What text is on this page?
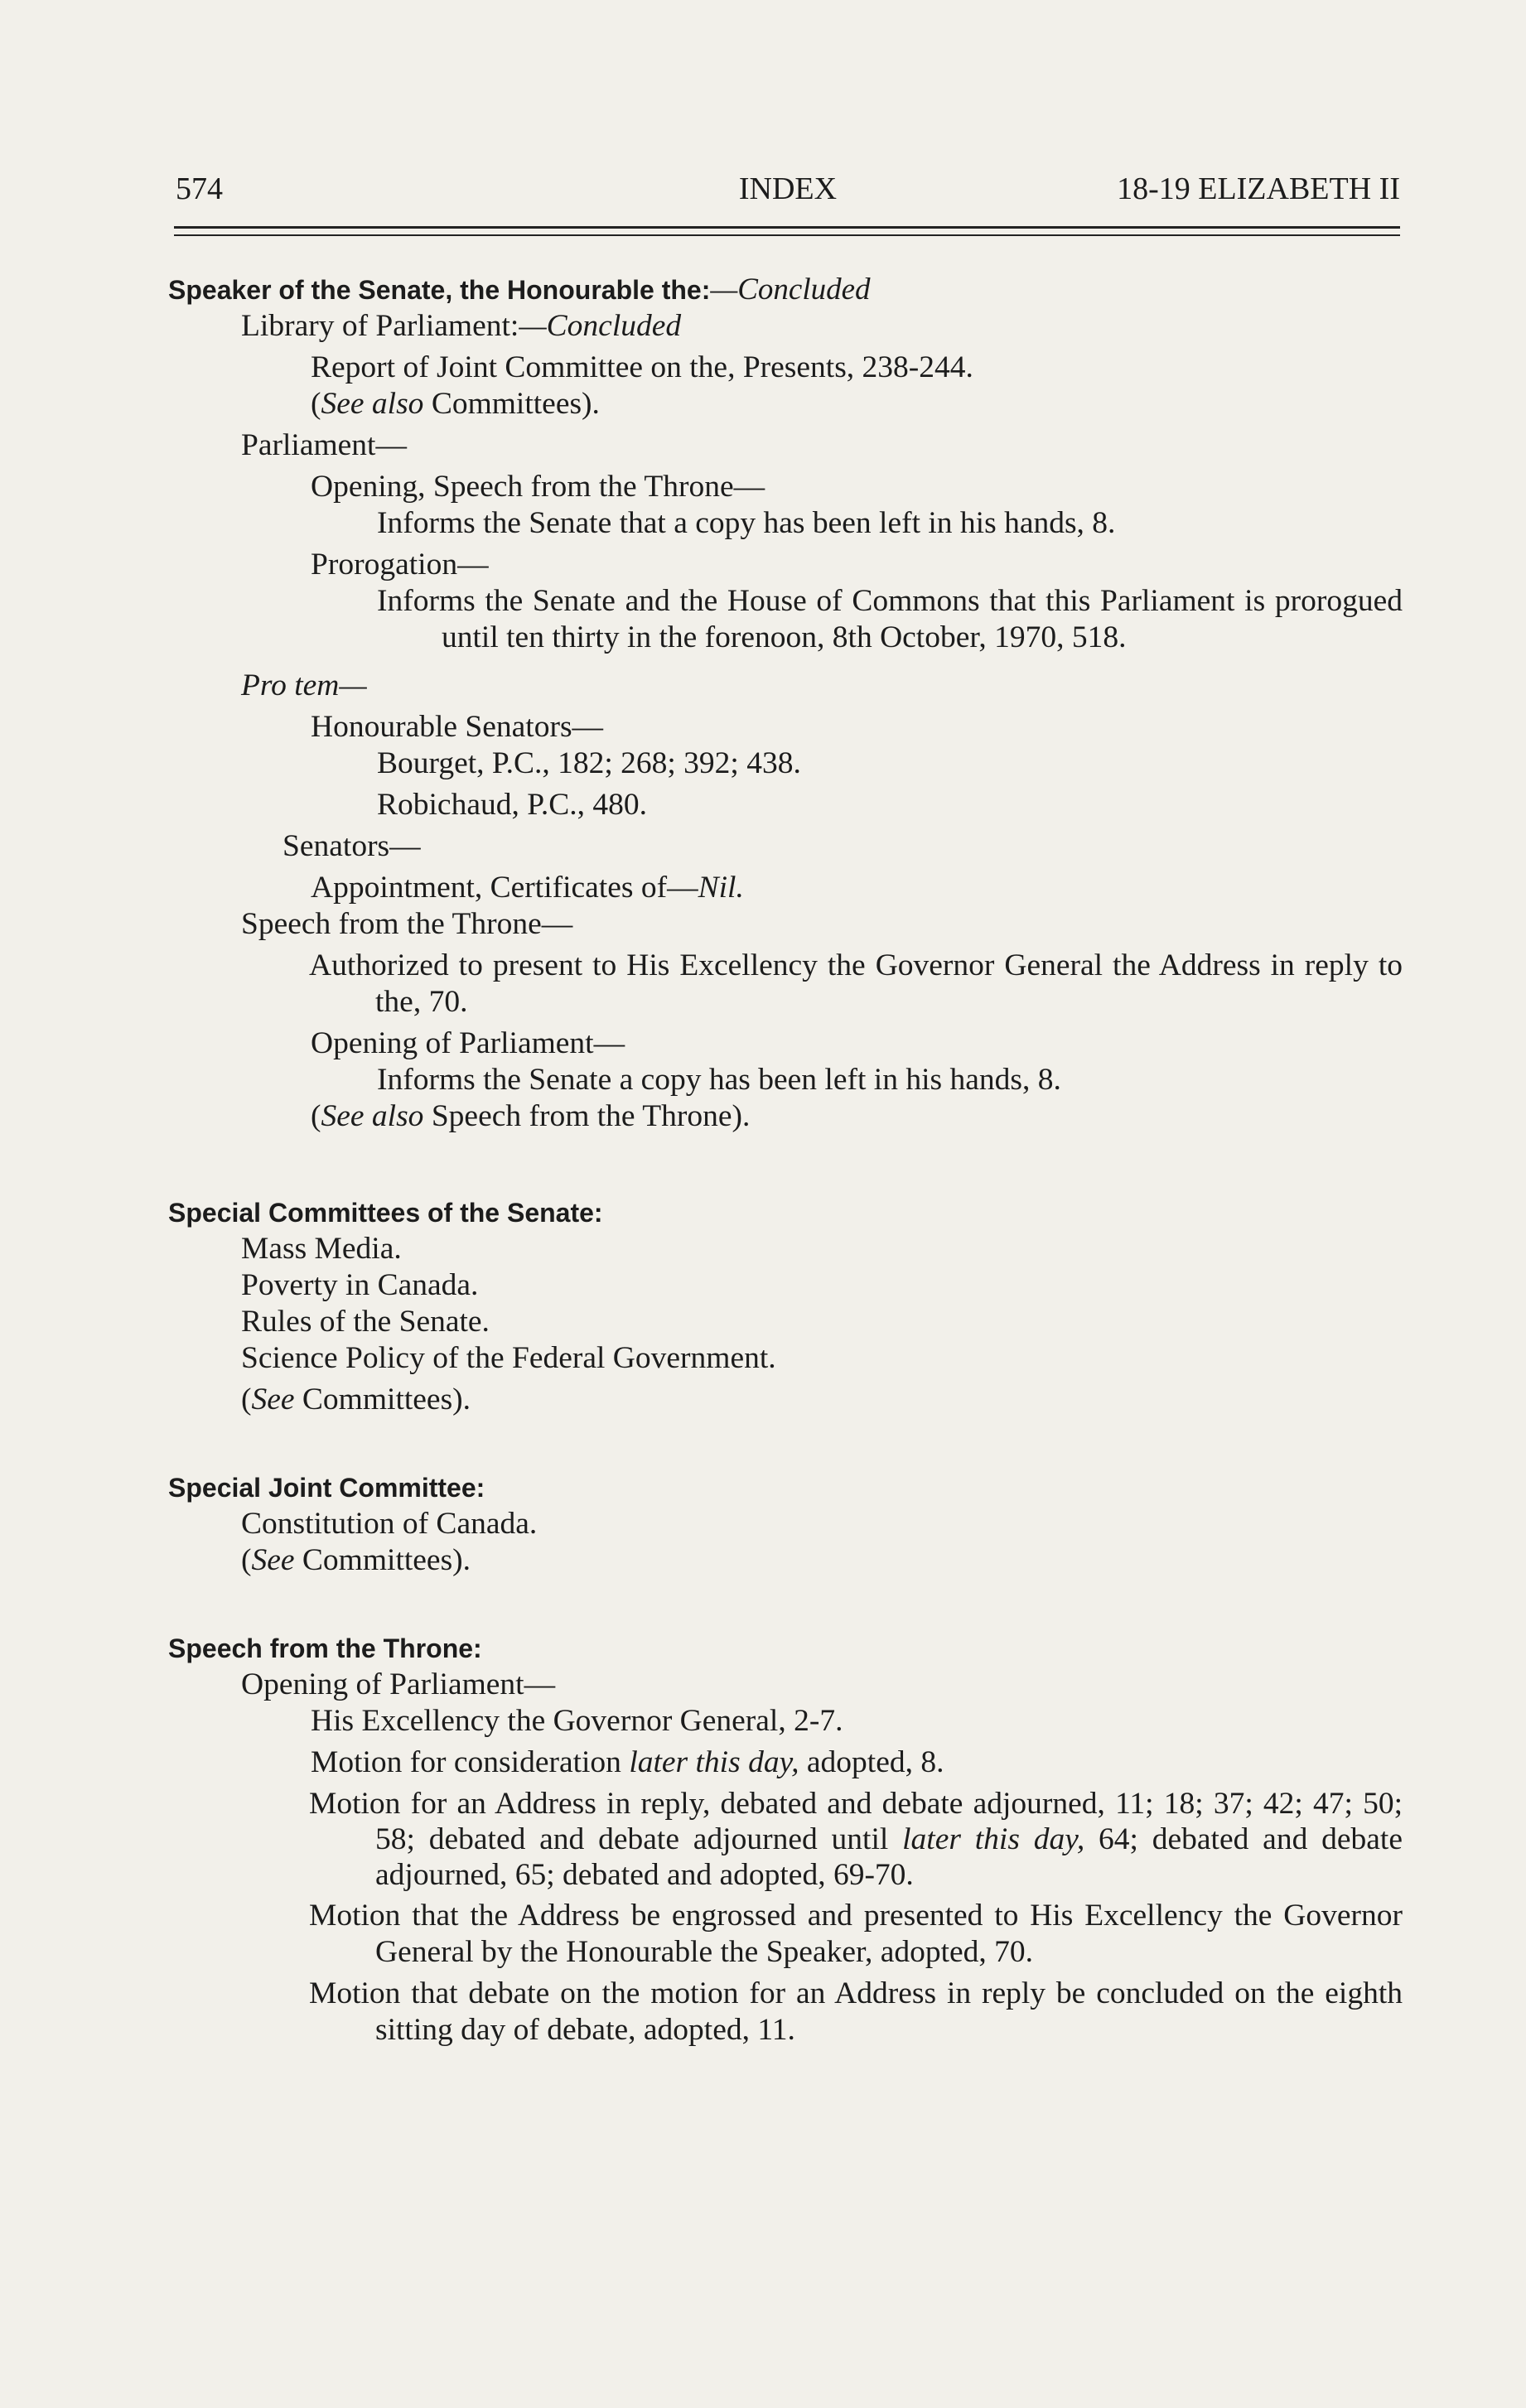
574	INDEX	18-19 ELIZABETH II
Speaker of the Senate, the Honourable the:—Concluded
Library of Parliament:—Concluded
Report of Joint Committee on the, Presents, 238-244.
(See also Committees).
Parliament—
Opening, Speech from the Throne—
Informs the Senate that a copy has been left in his hands, 8.
Prorogation—
Informs the Senate and the House of Commons that this Parliament is prorogued until ten thirty in the forenoon, 8th October, 1970, 518.
Pro tem—
Honourable Senators—
Bourget, P.C., 182; 268; 392; 438.
Robichaud, P.C., 480.
Senators—
Appointment, Certificates of—Nil.
Speech from the Throne—
Authorized to present to His Excellency the Governor General the Address in reply to the, 70.
Opening of Parliament—
Informs the Senate a copy has been left in his hands, 8.
(See also Speech from the Throne).
Special Committees of the Senate:
Mass Media.
Poverty in Canada.
Rules of the Senate.
Science Policy of the Federal Government.
(See Committees).
Special Joint Committee:
Constitution of Canada.
(See Committees).
Speech from the Throne:
Opening of Parliament—
His Excellency the Governor General, 2-7.
Motion for consideration later this day, adopted, 8.
Motion for an Address in reply, debated and debate adjourned, 11; 18; 37; 42; 47; 50; 58; debated and debate adjourned until later this day, 64; debated and debate adjourned, 65; debated and adopted, 69-70.
Motion that the Address be engrossed and presented to His Excellency the Governor General by the Honourable the Speaker, adopted, 70.
Motion that debate on the motion for an Address in reply be concluded on the eighth sitting day of debate, adopted, 11.
